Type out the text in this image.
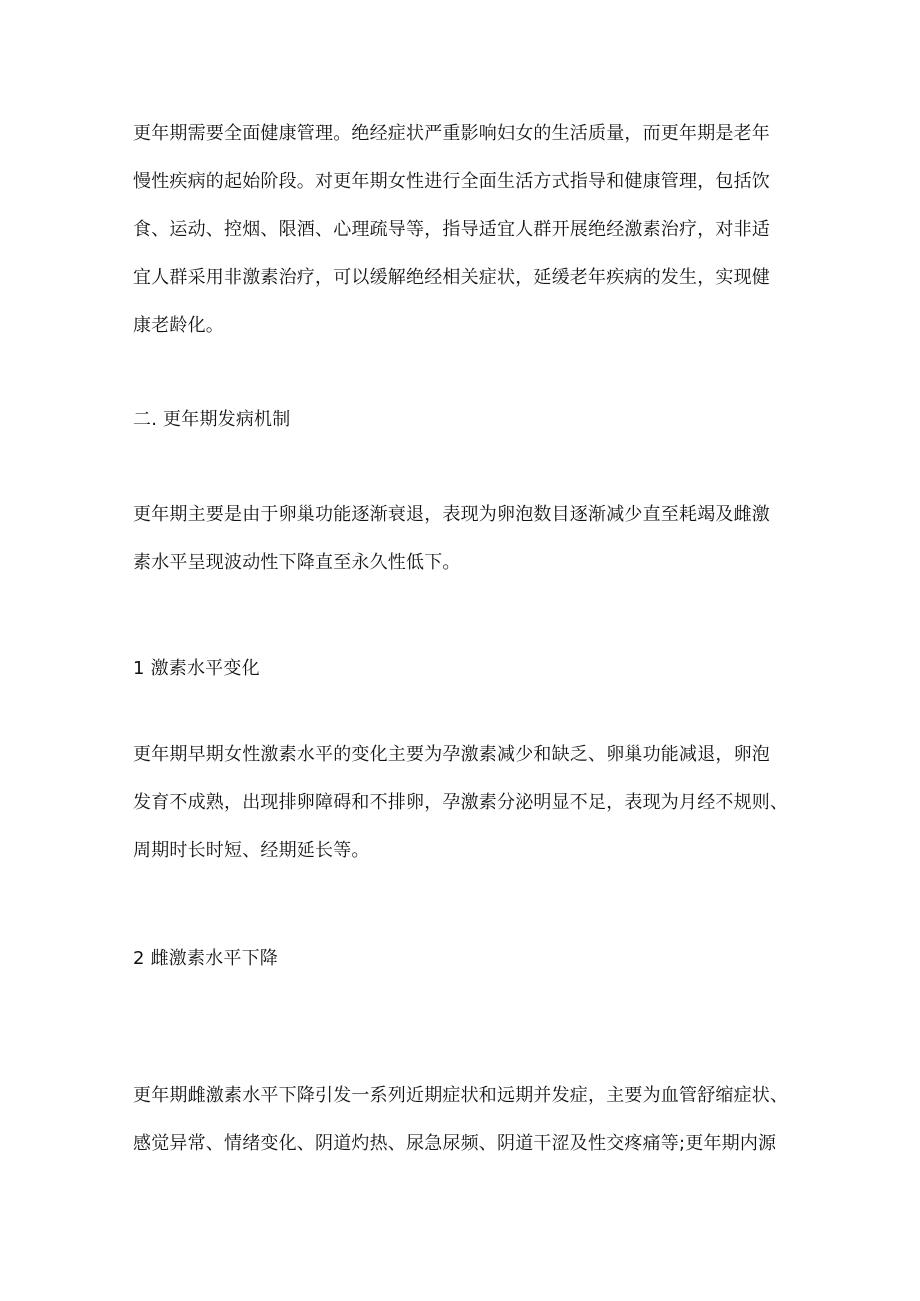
更年期需要全面健康管理。绝经症状严重影响妇女的生活质量，而更年期是老年
慢性疾病的起始阶段。对更年期女性进行全面生活方式指导和健康管理，包括饮
食、运动、控烟、限酒、心理疏导等，指导适宜人群开展绝经激素治疗，对非适
宜人群采用非激素治疗，可以缓解绝经相关症状，延缓老年疾病的发生，实现健
康老龄化。
二. 更年期发病机制
更年期主要是由于卵巢功能逐渐衰退，表现为卵泡数目逐渐减少直至耗竭及雌激
素水平呈现波动性下降直至永久性低下。
1 激素水平变化
更年期早期女性激素水平的变化主要为孕激素减少和缺乏、卵巢功能减退，卵泡
发育不成熟，出现排卵障碍和不排卵，孕激素分泌明显不足，表现为月经不规则、
周期时长时短、经期延长等。
2 雌激素水平下降
更年期雌激素水平下降引发一系列近期症状和远期并发症，主要为血管舒缩症状、
感觉异常、情绪变化、阴道灼热、尿急尿频、阴道干涩及性交疼痛等;更年期内源
